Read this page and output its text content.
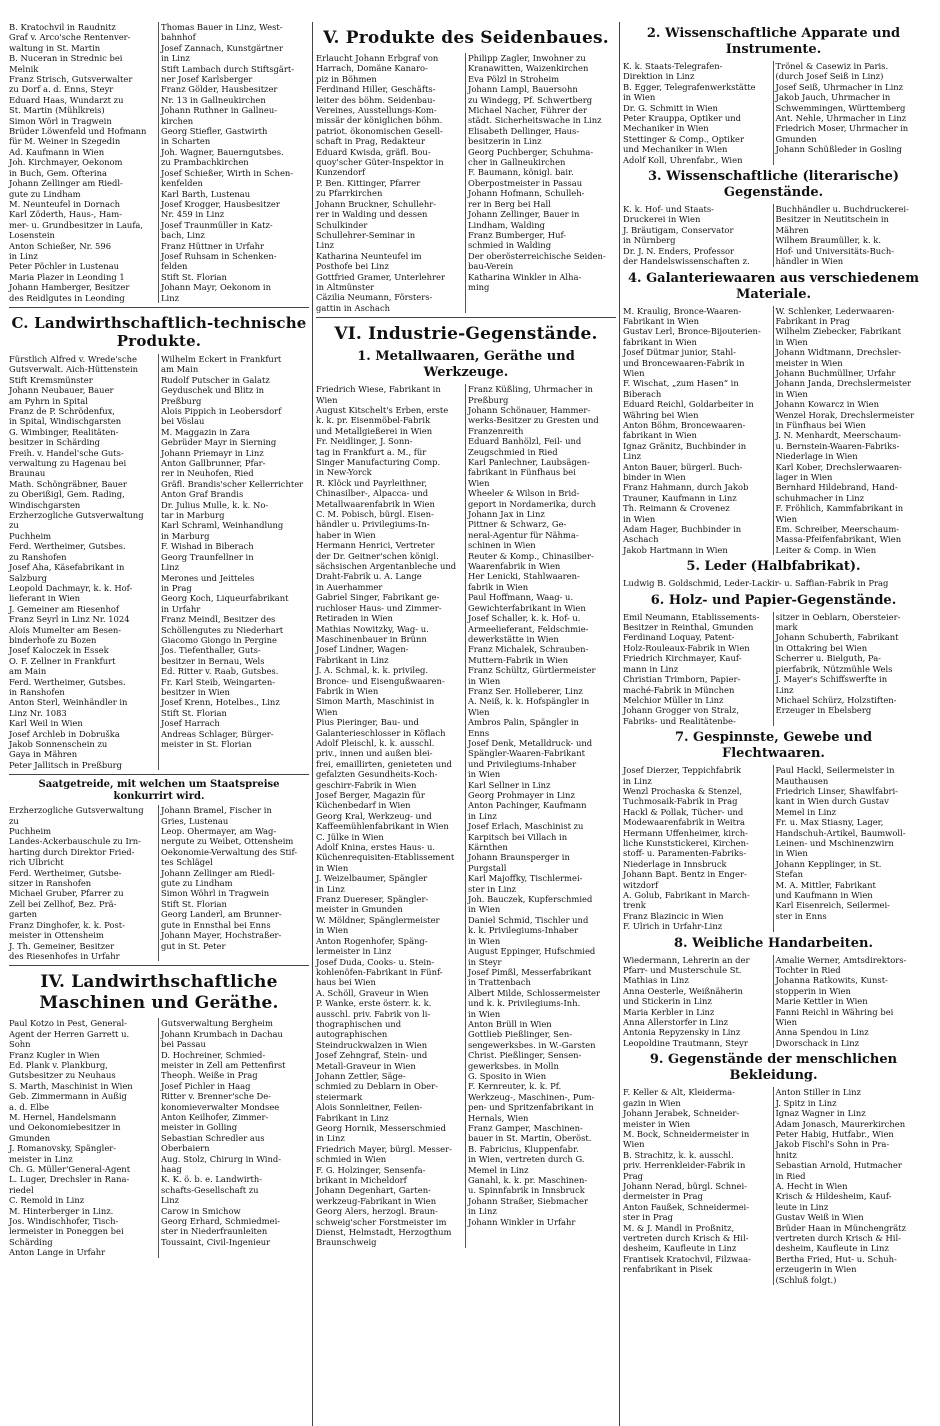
B. Kratochvil in Raudnitz
Graf v. Arco'sche Rentenver-
waltung in St. Martin
B. Nuceran in Strednic bei
Melnik
Franz Strisch, Gutsverwalter
zu Dorf a. d. Enns, Steyr
Eduard Haas, Wundarzt zu
St. Martin (Mühlkreis)
Simon Wörl in Tragwein
Brüder Löwenfeld und Hofmann
für M. Weiner in Szegedin
Ad. Kaufmann in Wien
Joh. Kirchmayer, Oekonom
in Buch, Gem. Ofterina
Johann Zellinger am Riedl-
gute zu Lindham
M. Neunteufel in Dornach
Karl Zöderth, Haus-, Ham-
mer- u. Grundbesitzer in Laufa,
Losenstein
Anton Schießer, Nr. 596
in Linz
Peter Pöchler in Lustenau
Maria Plazer in Leonding 1
Johann Hamberger, Besitzer
des Reidlgutes in Leonding
Thomas Bauer in Linz, West-
bahnhof
Josef Zannach, Kunstgärtner
in Linz
Stift Lambach durch Stiftsgärt-
ner Josef Karlsberger
Franz Gölder, Hausbesitzer
Nr. 13 in Gallneukirchen
Johann Ruthner in Gallneu-
kirchen
Georg Stiefler, Gastwirth
in Scharten
Joh. Wagner, Bauerngutsbes.
zu Prambachkirchen
Josef Schießer, Wirth in Schen-
kenfelden
Karl Barth, Lustenau
Josef Krogger, Hausbesitzer
Nr. 459 in Linz
Josef Traunmüller in Katz-
bach, Linz
Franz Hüttner in Urfahr
Josef Ruhsam in Schenken-
felden
Stift St. Florian
Johann Mayr, Oekonom in
Linz
C. Landwirthschaftlich-technische Produkte.
Fürstlich Alfred v. Wrede'sche
Gutsverwalt. Aich-Hüttenstein
Stift Kremsmünster
Johann Neubauer, Bauer
am Pyhrn in Spital
Franz de P. Schrödenfux,
in Spital, Windischgarsten
G. Wimbinger, Realitäten-
besitzer in Schärding
Freih. v. Handel'sche Guts-
verwaltung zu Hagenau bei
Braunau
Math. Schöngräbner, Bauer
zu Oberißigl, Gem. Rading,
Windischgarsten
Erzherzogliche Gutsverwaltung zu
Puchheim
Ferd. Wertheimer, Gutsbes.
zu Ranshofen
Josef Aha, Käsefabrikant in
Salzburg
Leopold Dachmayr, k. k. Hof-
lieferant in Wien
J. Gemeiner am Riesenhof
Franz Seyrl in Linz Nr. 1024
Alois Mumelter am Besen-
binderhofe zu Bozen
Josef Kaloczek in Essek
O. F. Zellner in Frankfurt
am Main
Ferd. Wertheimer, Gutsbes.
in Ranshofen
Anton Sterl, Weinhändler in
Linz Nr. 1083
Karl Weil in Wien
Josef Archleb in Dobruška
Jakob Sonnenschein zu
Gaya in Mähren
Peter Jallitsch in Preßburg
Wilhelm Eckert in Frankfurt
am Main
Rudolf Putscher in Galatz
Geyduschek und Blitz in
Preßburg
Alois Pippich in Leobersdorf
bei Vöslau
M. Maggazin in Zara
Gebrüder Mayr in Sierning
Johann Priemayr in Linz
Anton Gallbrunner, Pfar-
rer in Neuhofen, Ried
Gräfl. Brandis'scher Kellerrichter
Anton Graf Brandis
Dr. Julius Mulle, k. k. No-
tar in Marburg
Karl Schraml, Weinhandlung
in Marburg
F. Wishad in Biberach
Georg Traunfellner in
Linz
Merones und Jeitteles
in Prag
Georg Koch, Liqueurfabrikant
in Urfahr
Franz Meindl, Besitzer des
Schöllengutes zu Niederhart
Giacomo Giongo in Pergine
Jos. Tiefenthaller, Guts-
besitzer in Bernau, Wels
Ed. Ritter v. Raab, Gutsbes.
Fr. Karl Steib, Weingarten-
besitzer in Wien
Josef Krenn, Hotelbes., Linz
Stift St. Florian
Josef Harrach
Andreas Schlager, Bürger-
meister in St. Florian
Saatgetreide, mit welchen um Staatspreise konkurrirt wird.
Erzherzogliche Gutsverwaltung zu
Puchheim
Landes-Ackerbauschule zu Irn-
harting durch Direktor Fried-
rich Ulbricht
Ferd. Wertheimer, Gutsbe-
sitzer in Ranshofen
Michael Gruber, Pfarrer zu
Zell bei Zellhof, Bez. Prä-
garten
Franz Dinghofer, k. k. Post-
meister in Ottensheim
J. Th. Gemeiner, Besitzer
des Riesenhofes in Urfahr
Johann Bramel, Fischer in
Gries, Lustenau
Leop. Ohermayer, am Wag-
nergute zu Weibet, Ottensheim
Oekonomie-Verwaltung des Stif-
tes Schlägel
Johann Zellinger am Riedl-
gute zu Lindham
Simon Wöhrl in Tragwein
Stift St. Florian
Georg Landerl, am Brunner-
gute in Ennsthal bei Enns
Johann Mayer, Hochstraßer-
gut in St. Peter
IV. Landwirthschaftliche Maschinen und Geräthe.
Paul Kotzo in Pest, General-
Agent der Herren Garrett u.
Sohn
Franz Kugler in Wien
Ed. Plank v. Plankburg,
Gutsbesitzer zu Neuhaus
S. Marth, Maschinist in Wien
Geb. Zimmermann in Außig
a. d. Elbe
M. Hernel, Handelsmann
und Oekonomiebesitzer in Gmunden
J. Romanovsky, Spängler-
meister in Linz
Ch. G. Müller'General-Agent
L. Luger, Drechsler in Rana-
riedel
C. Remold in Linz
M. Hinterberger in Linz.
Jos. Windischhofer, Tisch-
lermeister in Poneggen bei
Schärding
Anton Lange in Urfahr
Gutsverwaltung Bergheim
Johann Krumbach in Dachau
bei Passau
D. Hochreiner, Schmied-
meister in Zell am Pettenfirst
Theoph. Weiße in Prag
Josef Pichler in Haag
Ritter v. Brenner'sche De-
konomieverwalter Mondsee
Anton Keilhofer, Zimmer-
meister in Golling
Sebastian Schredler aus
Oberbaiern
Aug. Stolz, Chirurg in Wind-
haag
K. K. ö. b. e. Landwirth-
schafts-Gesellschaft zu
Linz
Carow in Smichow
Georg Erhard, Schmiedmei-
ster in Niederfraunleiten
Toussaint, Civil-Ingenieur
V. Produkte des Seidenbaues.
Erlaucht Johann Erbgraf von
Harrach, Domäne Kanaro-
piz in Böhmen
Ferdinand Hiller, Geschäfts-
leiter des böhm. Seidenbau-
Vereines, Ausstellungs-Kom-
missär der königlichen böhm.
patriot. ökonomischen Gesell-
schaft in Prag, Redakteur
Eduard Kwisda, gräfl. Bou-
quoy'scher Güter-Inspektor in
Kunzendorf
P. Ben. Kittinger, Pfarrer
zu Pfarrkirchen
Johann Bruckner, Schullehr-
rer in Walding und dessen
Schulkinder
Schullehrer-Seminar in
Linz
Katharina Neunteufel im
Posthofe bei Linz
Gottfried Gramer, Unterlehrer
in Altmünster
Cäzilia Neumann, Försters-
gattin in Aschach
Philipp Zagler, Inwohner zu
Kranawitten, Waizenkirchen
Eva Pölzl in Stroheim
Johann Lampl, Bauersohn
zu Windegg, Pf. Schwertberg
Michael Nacher, Führer der
städt. Sicherheitswache in Linz
Elisabeth Dellinger, Haus-
besitzerin in Linz
Georg Puchberger, Schuhma-
cher in Gallneukirchen
F. Baumann, königl. bair.
Oberpostmeister in Passau
Johann Hofmann, Schulleh-
rer in Berg bei Hall
Johann Zellinger, Bauer in
Lindham, Walding
Franz Bumberger, Huf-
schmied in Walding
Der oberösterreichische Seiden-
bau-Verein
Katharina Winkler in Alha-
ming
VI. Industrie-Gegenstände.
1. Metallwaaren, Geräthe und Werkzeuge.
Friedrich Wiese, Fabrikant in
Wien
August Kitschelt's Erben, erste
k. k. pr. Eisenmöbel-Fabrik
und Metallgießerei in Wien
Fr. Neidlinger, J. Sonn-
tag in Frankfurt a. M., für
Singer Manufacturing Comp.
in New-Yorck
R. Klöck und Payrleithner,
Chinasilber-, Alpacca- und
Metallwaarenfabrik in Wien
C. M. Pobisch, bürgl. Eisen-
händler u. Privilegiums-In-
haber in Wien
Hermann Henrici, Vertreter
der Dr. Geitner'schen königl.
sächsischen Argentanbleche und
Draht-Fabrik u. A. Lange
in Auerhammer
Gabriel Singer, Fabrikant ge-
ruchloser Haus- und Zimmer-
Retiraden in Wien
Mathias Nowitzky, Wag- u.
Maschinenbauer in Brünn
Josef Lindner, Wagen-
Fabrikant in Linz
J. A. Schmal, k. k. privileg.
Bronce- und Eisengußwaaren-
Fabrik in Wien
Simon Marth, Maschinist in
Wien
Pius Pieringer, Bau- und
Galanterieschlosser in Köflach
Adolf Pleischl, k. k. ausschl.
priv., innen und außen blei-
frei, emaillirten, genieteten und
gefalzten Gesundheits-Koch-
geschirr-Fabrik in Wien
Josef Berger, Magazin für
Küchenbedarf in Wien
Georg Kral, Werkzeug- und
Kaffeemühlenfabrikant in Wien
C. Jülke in Wien
Adolf Knina, erstes Haus- u.
Küchenrequisiten-Etablissement
in Wien
J. Weizelbaumer, Spängler
in Linz
Franz Duereser, Spängler-
meister in Gmunden
W. Möldner, Spänglermeister
in Wien
Anton Rogenhofer, Späng-
lermeister in Linz
Josef Duda, Cooks- u. Stein-
kohlenöfen-Fabrikant in Fünf-
haus bei Wien
A. Schöll, Graveur in Wien
P. Wanke, erste österr. k. k.
ausschl. priv. Fabrik von li-
thographischen und autographischen
Steindruckwalzen in Wien
Josef Zehngraf, Stein- und
Metall-Graveur in Wien
Johann Zettler, Säge-
schmied zu Deblarn in Ober-
steiermark
Alois Sonnleitner, Feilen-
Fabrikant in Linz
Georg Hornik, Messerschmied
in Linz
Friedrich Mayer, bürgl. Messer-
schmied in Wien
F. G. Holzinger, Sensenfa-
brikant in Micheldorf
Johann Degenhart, Garten-
werkzeug-Fabrikant in Wien
Georg Alers, herzogl. Braun-
schweig'scher Forstmeister im
Dienst, Helmstadt, Herzogthum
Braunschweig
Franz Küßling, Uhrmacher in
Preßburg
Johann Schönauer, Hammer-
werks-Besitzer zu Gresten und
Franzenreith
Eduard Banhölzl, Feil- und
Zeugschmied in Ried
Karl Panlechner, Laubsägen-
fabrikant in Fünfhaus bei
Wien
Wheeler & Wilson in Brid-
geport in Nordamerika, durch
Johann Jax in Linz
Pittner & Schwarz, Ge-
neral-Agentur für Nähma-
schinen in Wien
Reuter & Komp., Chinasilber-
Waarenfabrik in Wien
Her Lenicki, Stahlwaaren-
fabrik in Wien
Paul Hoffmann, Waag- u.
Gewichterfabrikant in Wien
Josef Schaller, k. k. Hof- u.
Armeelieferant, Feldschmie-
dewerkstätte in Wien
Franz Michalek, Schrauben-
Muttern-Fabrik in Wien
Franz Schültz, Gürtlermeister
in Wien
Franz Ser. Holleberer, Linz
A. Neiß, k. k. Hofspängler in
Wien
Ambros Palin, Spängler in
Enns
Josef Denk, Metalldruck- und
Spängler-Waaren-Fabrikant
und Privilegiums-Inhaber
in Wien
Karl Sellner in Linz
Georg Prohmayer in Linz
Anton Pachinger, Kaufmann
in Linz
Josef Erlach, Maschinist zu
Karpitsch bei Villach in
Kärnthen
Johann Braunsperger in
Purgstall
Karl Majoffky, Tischlermei-
ster in Linz
Joh. Bauczek, Kupferschmied
in Wien
Daniel Schmid, Tischler und
k. k. Privilegiums-Inhaber
in Wien
August Eppinger, Hufschmied
in Steyr
Josef Pimßl, Messerfabrikant
in Trattenbach
Albert Milde, Schlossermeister
und k. k. Privilegiums-Inh.
in Wien
Anton Brüll in Wien
Gottlieb Pießlinger, Sen-
sengewerksbes. in W.-Garsten
Christ. Pießlinger, Sensen-
gewerksbes. in Molln
G. Sposito in Wien
F. Kernreuter, k. k. Pf.
Werkzeug-, Maschinen-, Pum-
pen- und Spritzenfabrikant in
Hernals, Wien
Franz Gamper, Maschinen-
bauer in St. Martin, Oberöst.
B. Fabricius, Kluppenfabr.
in Wien, vertreten durch G.
Memel in Linz
Ganahl, k. k. pr. Maschinen-
u. Spinnfabrik in Innsbruck
Johann Straßer, Siebmacher
in Linz
Johann Winkler in Urfahr
2. Wissenschaftliche Apparate und Instrumente.
K. k. Staats-Telegrafen-
Direktion in Linz
B. Egger, Telegrafenwerkstätte
in Wien
Dr. G. Schmitt in Wien
Peter Krauppa, Optiker und
Mechaniker in Wien
Stettinger & Comp., Optiker
und Mechaniker in Wien
Adolf Koll, Uhrenfabr., Wien
Trönel & Casewiz in Paris.
(durch Josef Seiß in Linz)
Josef Seiß, Uhrmacher in Linz
Jakob Jauch, Uhrmacher in
Schwemmingen, Württemberg
Ant. Nehle, Uhrmacher in Linz
Friedrich Moser, Uhrmacher in
Gmunden
Johann Schüßleder in Gosling
3. Wissenschaftliche (literarische) Gegenstände.
K. k. Hof- und Staats-
Druckerei in Wien
J. Bräutigam, Conservator
in Nürnberg
Dr. J. N. Enders, Professor
der Handelswissenschaften z.
Buchhändler u. Buchdruckerei-
Besitzer in Neutitschein in
Mähren
Wilhem Braumüller, k. k.
Hof- und Universitäts-Buch-
händler in Wien
4. Galanteriewaaren aus verschiedenem Materiale.
M. Kraulig, Bronce-Waaren-
Fabrikant in Wien
Gustav Lerl, Bronce-Bijouterien-
fabrikant in Wien
Josef Dütmar junior, Stahl-
und Broncewaaren-Fabrik in
Wien
F. Wischat, „zum Hasen“ in
Biberach
Eduard Reichl, Goldarbeiter in
Währing bei Wien
Anton Böhm, Broncewaaren-
fabrikant in Wien
Ignaz Gränitz, Buchbinder in
Linz
Anton Bauer, bürgerl. Buch-
binder in Wien
Franz Hahmann, durch Jakob
Trauner, Kaufmann in Linz
Th. Reimann & Crovenez
in Wien
Adam Hager, Buchbinder in
Aschach
Jakob Hartmann in Wien
W. Schlenker, Lederwaaren-
Fabrikant in Prag
Wilhelm Ziebecker, Fabrikant
in Wien
Johann Widtmann, Drechsler-
meister in Wien
Johann Buchmüllner, Urfahr
Johann Janda, Drechslermeister
in Wien
Johann Kowarcz in Wien
Wenzel Horak, Drechslermeister
in Fünfhaus bei Wien
J. N. Menhardt, Meerschaum-
u. Bernstein-Waaren-Fabriks-
Niederlage in Wien
Karl Kober, Drechslerwaaren-
lager in Wien
Bernhard Hildebrand, Hand-
schuhmacher in Linz
F. Fröhlich, Kammfabrikant in
Wien
Em. Schreiber, Meerschaum-
Massa-Pfeifenfabrikant, Wien
Leiter & Comp. in Wien
5. Leder (Halbfabrikat).
Ludwig B. Goldschmid, Leder-Lackir- u. Saffian-Fabrik in Prag
6. Holz- und Papier-Gegenstände.
Emil Neumann, Etablissements-
Besitzer in Reinthal, Gmunden
Ferdinand Loquay, Patent-
Holz-Rouleaux-Fabrik in Wien
Friedrich Kirchmayer, Kauf-
mann in Linz
Christian Trimborn, Papier-
maché-Fabrik in München
Melchior Müller in Linz
Johann Grogger von Stralz,
Fabriks- und Realitätenbe-
sitzer in Oeblarn, Obersteier-
mark
Johann Schuberth, Fabrikant
in Ottakring bei Wien
Scherrer u. Bielguth, Pa-
pierfabrik, Nützmühle Wels
J. Mayer's Schiffswerfte in
Linz
Michael Schürz, Holzstiften-
Erzeuger in Ebelsberg
7. Gespinnste, Gewebe und Flechtwaaren.
Josef Dierzer, Teppichfabrik
in Linz
Wenzl Prochaska & Stenzel,
Tuchmosaik-Fabrik in Prag
Hackl & Pollak, Tücher- und
Modewaarenfabrik in Weitra
Hermann Uffenheimer, kirch-
liche Kunststickerei, Kirchen-
stoff- u. Paramenten-Fabriks-
Niederlage in Innsbruck
Johann Bapt. Bentz in Enger-
witzdorf
A. Golub, Fabrikant in March-
trenk
Franz Blazincic in Wien
F. Ulrich in Urfahr-Linz
Paul Hackl, Seilermeister in
Mauthausen
Friedrich Linser, Shawlfabri-
kant in Wien durch Gustav
Memel in Linz
Fr. u. Max Stiasny, Lager,
Handschuh-Artikel, Baumwoll-
Leinen- und Mschinenzwirn
in Wien
Johann Kepplinger, in St.
Stefan
M. A. Mittler, Fabrikant
und Kaufmann in Wien
Karl Eisenreich, Seilermei-
ster in Enns
8. Weibliche Handarbeiten.
Wiedermann, Lehrerin an der
Pfarr- und Musterschule St.
Mathias in Linz
Anna Oesterle, Weißnäherin
und Stickerin in Linz
Maria Kerbler in Linz
Anna Allerstorfer in Linz
Antonia Repyzensky in Linz
Leopoldine Trautmann, Steyr
Amalie Werner, Amtsdirektors-
Tochter in Ried
Johanna Ratkowits, Kunst-
stopperin in Wien
Marie Kettler in Wien
Fanni Reichl in Währing bei
Wien
Anna Spendou in Linz
Dworschack in Linz
9. Gegenstände der menschlichen Bekleidung.
F. Keller & Alt, Kleiderma-
gazin in Wien
Johann Jerabek, Schneider-
meister in Wien
M. Bock, Schneidermeister in
Wien
B. Strachitz, k. k. ausschl.
priv. Herrenkleider-Fabrik in
Prag
Johann Nerad, bürgl. Schnei-
dermeister in Prag
Anton Faußek, Schneidermei-
ster in Prag
M. & J. Mandl in Proßnitz,
vertreten durch Krisch & Hil-
desheim, Kaufleute in Linz
Frantisek Kratochvil, Filzwaa-
renfabrikant in Pisek
Anton Stiller in Linz
J. Spitz in Linz
Ignaz Wagner in Linz
Adam Jonasch, Maurerkirchen
Peter Habig, Hutfabr., Wien
Jakob Fischl's Sohn in Pra-
hnitz
Sebastian Arnold, Hutmacher
in Ried
A. Hecht in Wien
Krisch & Hildesheim, Kauf-
leute in Linz
Gustav Weiß in Wien
Brüder Haan in Münchengrätz
vertreten durch Krisch & Hil-
desheim, Kaufleute in Linz
Bertha Fried, Hut- u. Schuh-
erzeugerin in Wien
(Schluß folgt.)
